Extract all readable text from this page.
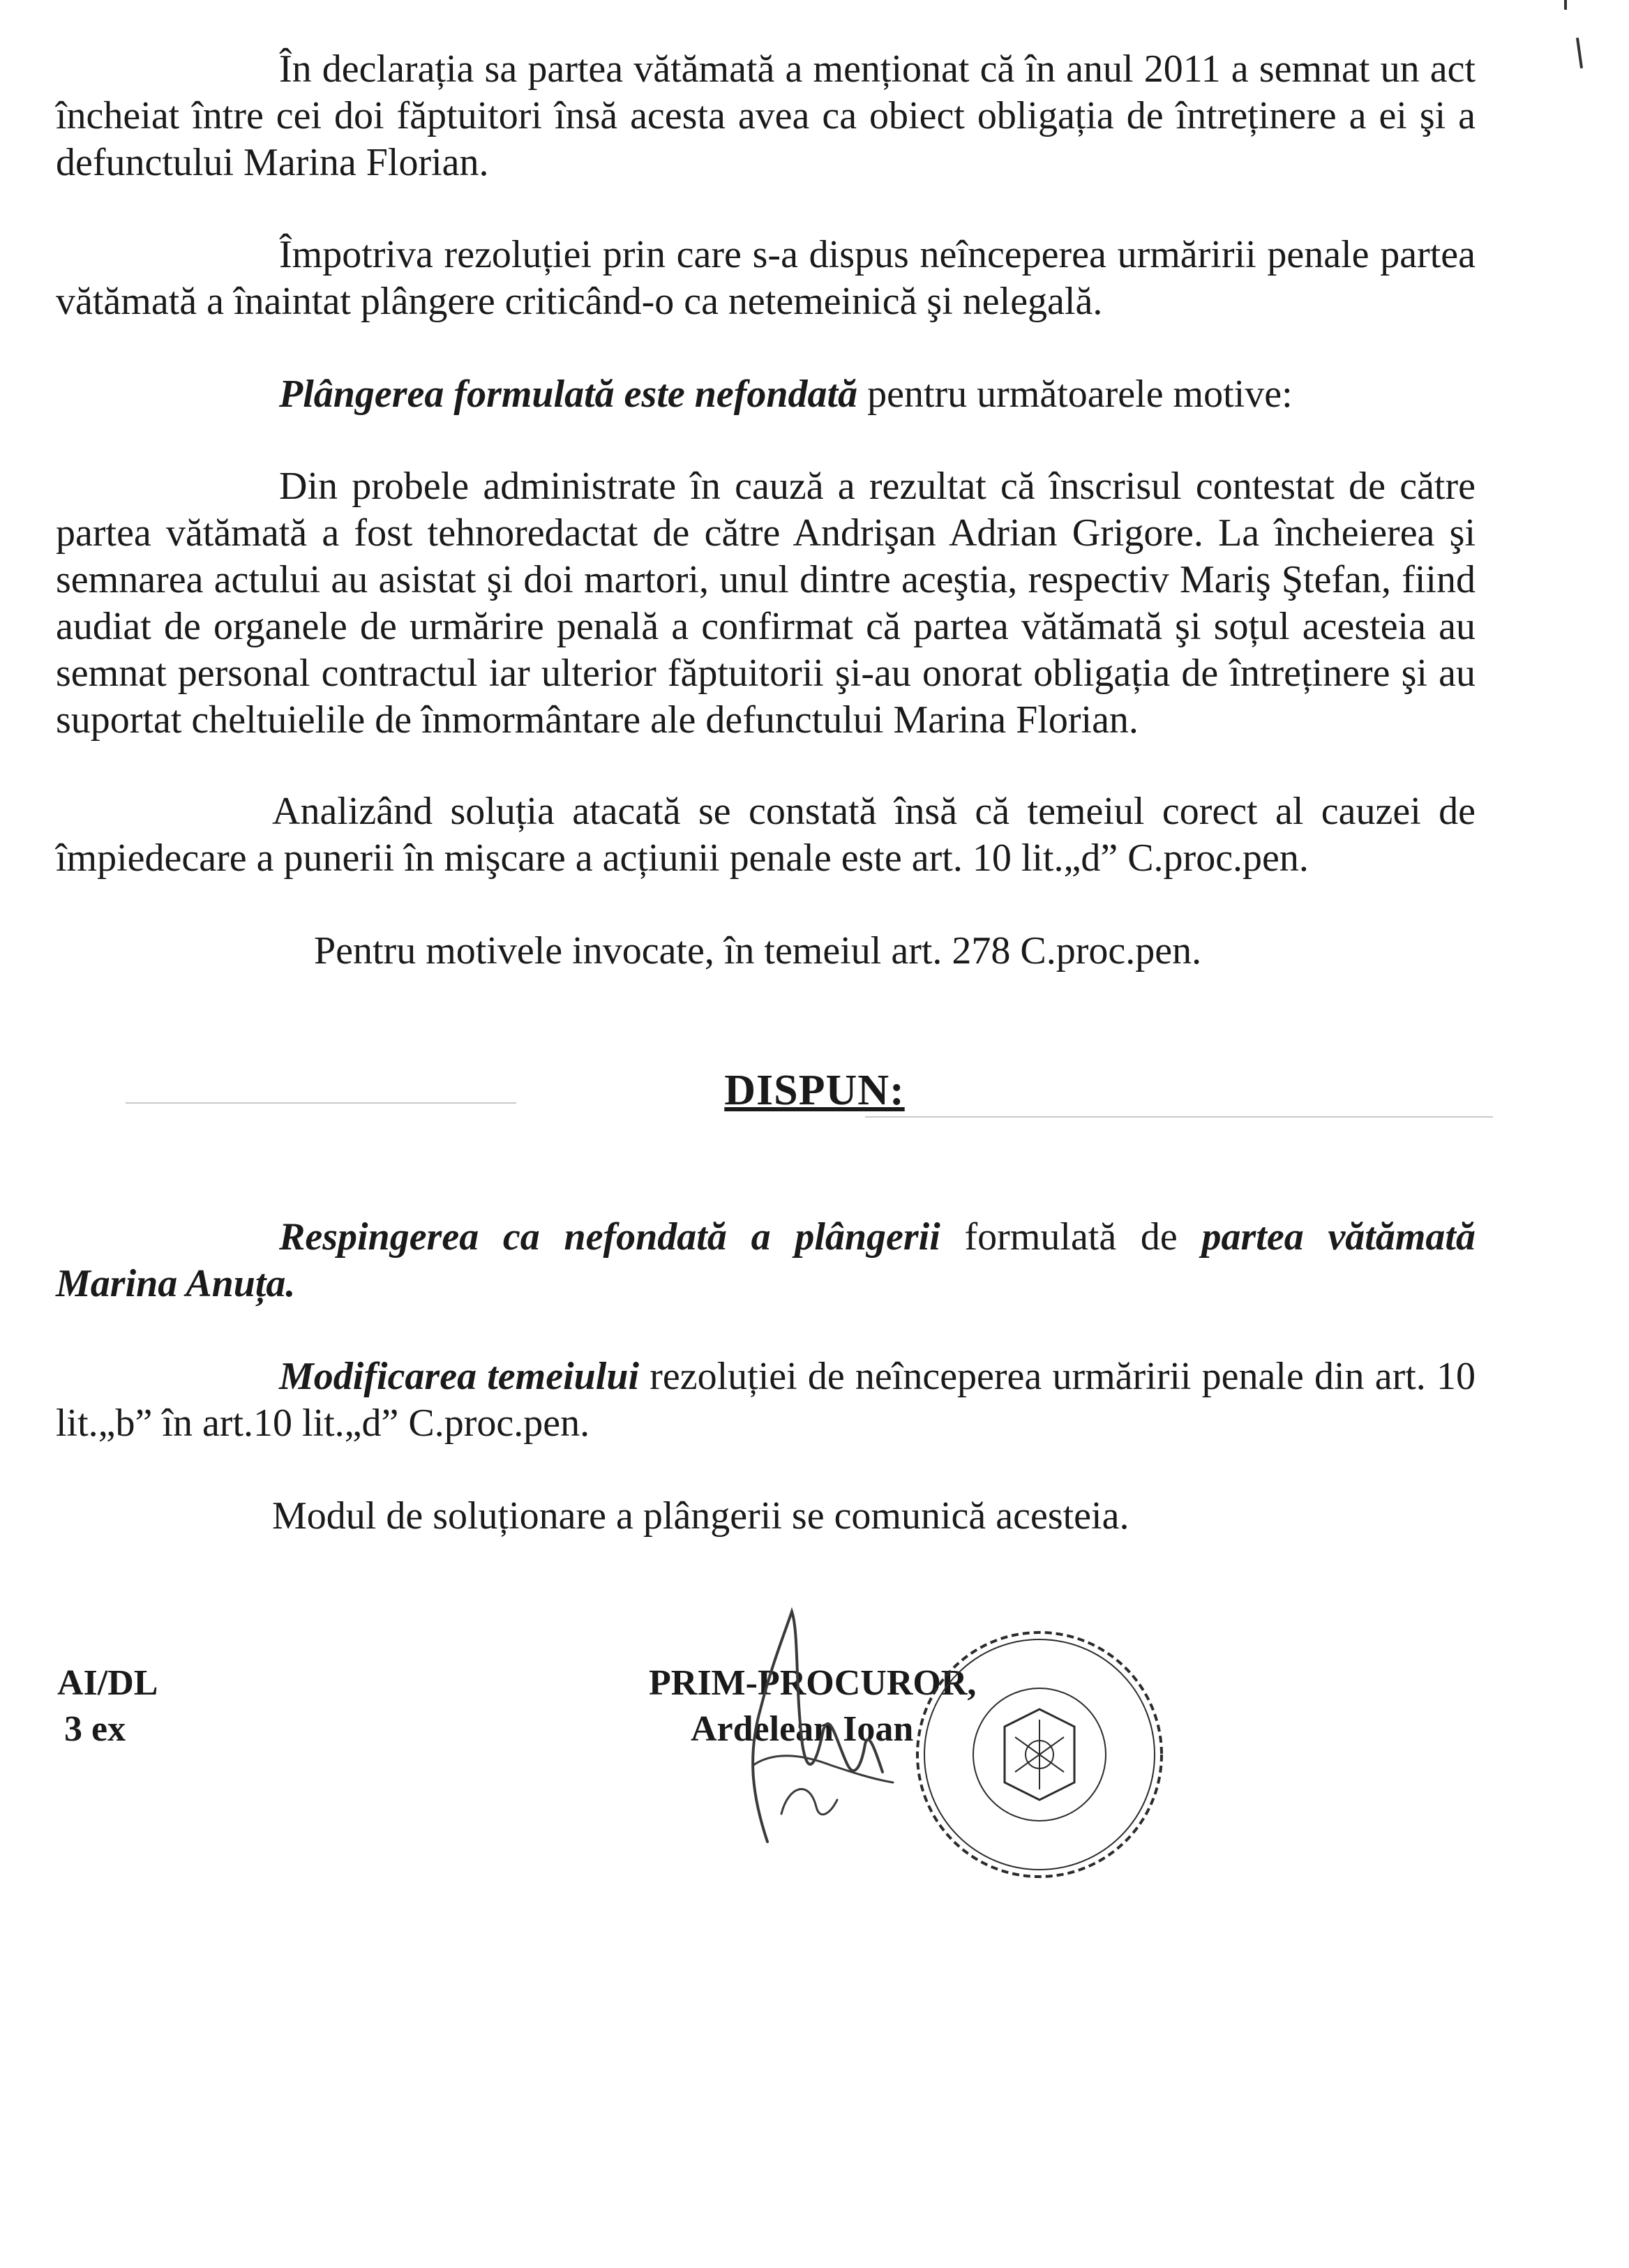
În declarația sa partea vătămată a menționat că în anul 2011 a semnat un act încheiat între cei doi făptuitori însă acesta avea ca obiect obligația de întreținere a ei şi a defunctului Marina Florian.

Împotriva rezoluției prin care s-a dispus neînceperea urmăririi penale partea vătămată a înaintat plângere criticând-o ca netemeinică şi nelegală.

Plângerea formulată este nefondată pentru următoarele motive:

Din probele administrate în cauză a rezultat că înscrisul contestat de către partea vătămată a fost tehnoredactat de către Andrişan Adrian Grigore. La încheierea şi semnarea actului au asistat şi doi martori, unul dintre aceştia, respectiv Mariş Ştefan, fiind audiat de organele de urmărire penală a confirmat că partea vătămată şi soțul acesteia au semnat personal contractul iar ulterior făptuitorii şi-au onorat obligația de întreținere şi au suportat cheltuielile de înmormântare ale defunctului Marina Florian.

Analizând soluția atacată se constată însă că temeiul corect al cauzei de împiedecare a punerii în mişcare a acțiunii penale este art. 10 lit.„d” C.proc.pen.

Pentru motivele invocate, în temeiul art. 278 C.proc.pen.

DISPUN:

Respingerea ca nefondată a plângerii formulată de partea vătămată Marina Anuța.

Modificarea temeiului rezoluției de neînceperea urmăririi penale din art. 10 lit.„b” în art.10 lit.„d” C.proc.pen.

Modul de soluționare a plângerii se comunică acesteia.

AI/DL
3 ex
PRIM-PROCUROR,
Ardelean Ioan
